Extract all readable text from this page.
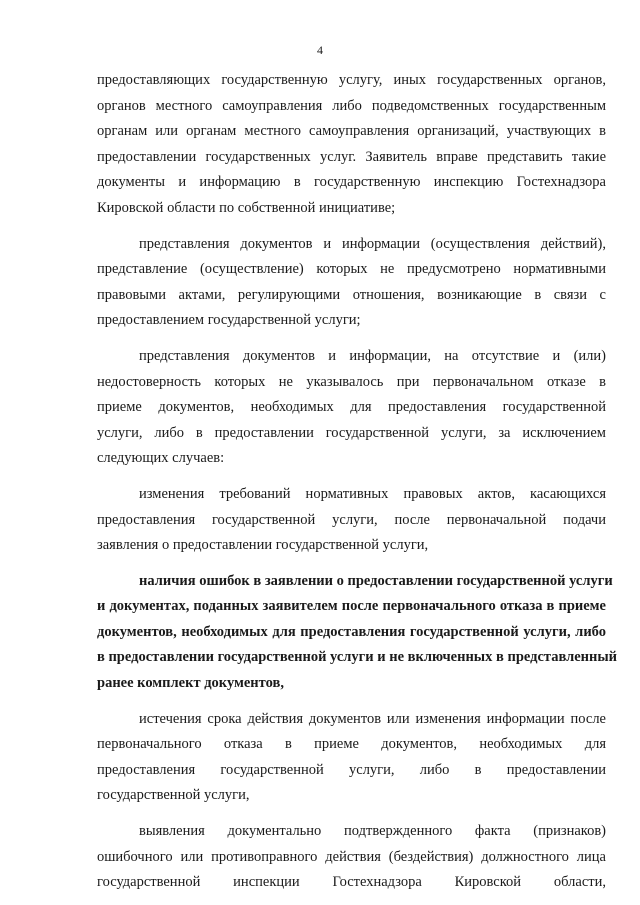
4
предоставляющих государственную услугу, иных государственных органов,
органов местного самоуправления либо подведомственных государственным
органам или органам местного самоуправления организаций, участвующих в
предоставлении государственных услуг. Заявитель вправе представить такие
документы и информацию в государственную инспекцию Гостехнадзора
Кировской области по собственной инициативе;
представления документов и информации (осуществления действий),
представление (осуществление) которых не предусмотрено нормативными
правовыми актами, регулирующими отношения, возникающие в связи с
предоставлением государственной услуги;
представления документов и информации, на отсутствие и (или)
недостоверность которых не указывалось при первоначальном отказе в
приеме документов, необходимых для предоставления государственной
услуги, либо в предоставлении государственной услуги, за исключением
следующих случаев:
изменения требований нормативных правовых актов, касающихся
предоставления государственной услуги, после первоначальной подачи
заявления о предоставлении государственной услуги,
наличия ошибок в заявлении о предоставлении государственной услуги
и документах, поданных заявителем после первоначального отказа в приеме
документов, необходимых для предоставления государственной услуги, либо
в предоставлении государственной услуги и не включенных в представленный
ранее комплект документов,
истечения срока действия документов или изменения информации после
первоначального отказа в приеме документов, необходимых для
предоставления государственной услуги, либо в предоставлении
государственной услуги,
выявления документально подтвержденного факта (признаков)
ошибочного или противоправного действия (бездействия) должностного лица
государственной инспекции Гостехнадзора Кировской области,
